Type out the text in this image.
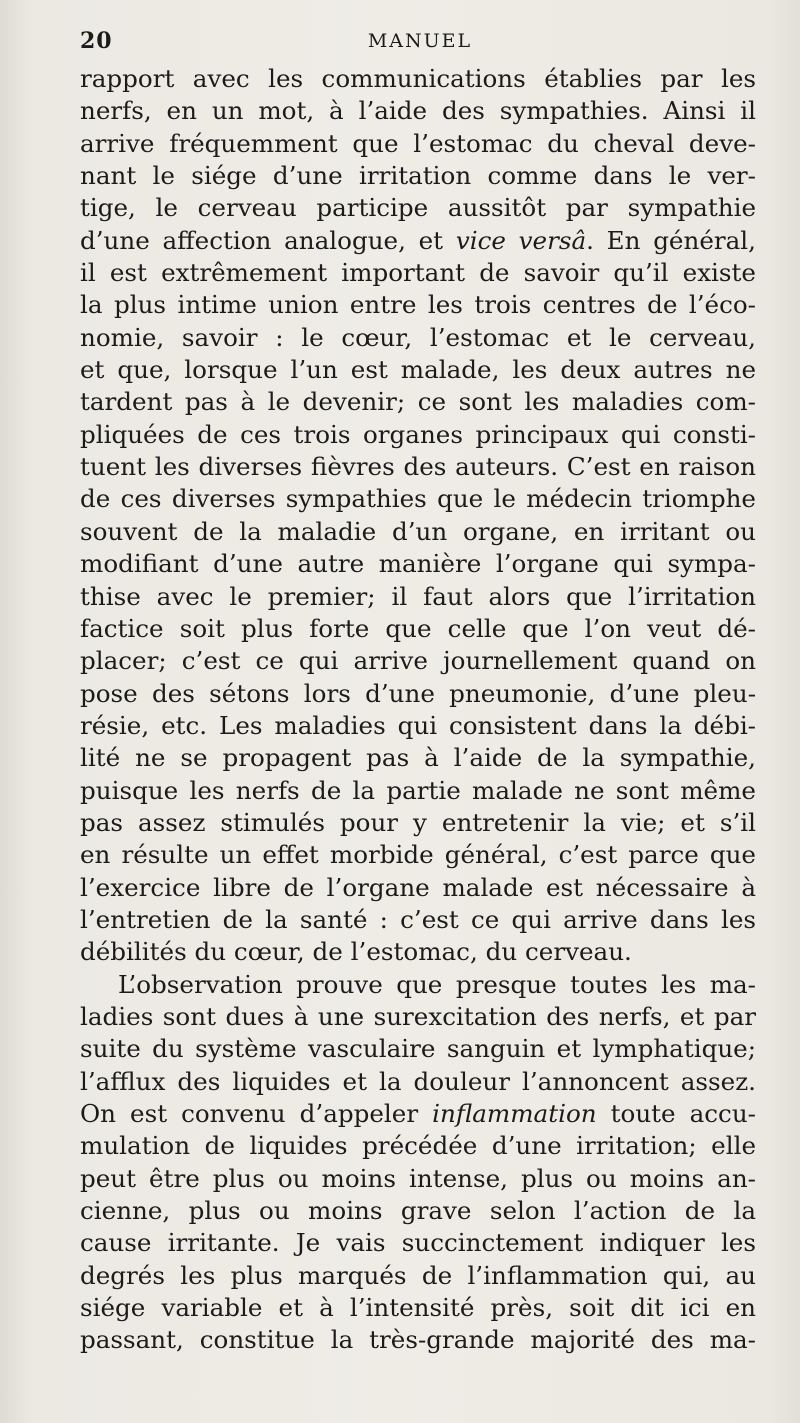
20	MANUEL
rapport avec les communications établies par les
nerfs, en un mot, à l’aide des sympathies. Ainsi il
arrive fréquemment que l’estomac du cheval deve-
nant le siége d’une irritation comme dans le ver-
tige, le cerveau participe aussitôt par sympathie
d’une affection analogue, et vice versâ. En général,
il est extrêmement important de savoir qu’il existe
la plus intime union entre les trois centres de l’éco-
nomie, savoir : le cœur, l’estomac et le cerveau,
et que, lorsque l’un est malade, les deux autres ne
tardent pas à le devenir; ce sont les maladies com-
pliquées de ces trois organes principaux qui consti-
tuent les diverses fièvres des auteurs. C’est en raison
de ces diverses sympathies que le médecin triomphe
souvent de la maladie d’un organe, en irritant ou
modifiant d’une autre manière l’organe qui sympa-
thise avec le premier; il faut alors que l’irritation
factice soit plus forte que celle que l’on veut dé-
placer; c’est ce qui arrive journellement quand on
pose des sétons lors d’une pneumonie, d’une pleu-
résie, etc. Les maladies qui consistent dans la débi-
lité ne se propagent pas à l’aide de la sympathie,
puisque les nerfs de la partie malade ne sont même
pas assez stimulés pour y entretenir la vie; et s’il
en résulte un effet morbide général, c’est parce que
l’exercice libre de l’organe malade est nécessaire à
l’entretien de la santé : c’est ce qui arrive dans les
débilités du cœur, de l’estomac, du cerveau.
L’observation prouve que presque toutes les ma-
ladies sont dues à une surexcitation des nerfs, et par
suite du système vasculaire sanguin et lymphatique;
l’afflux des liquides et la douleur l’annoncent assez.
On est convenu d’appeler inflammation toute accu-
mulation de liquides précédée d’une irritation; elle
peut être plus ou moins intense, plus ou moins an-
cienne, plus ou moins grave selon l’action de la
cause irritante. Je vais succinctement indiquer les
degrés les plus marqués de l’inflammation qui, au
siége variable et à l’intensité près, soit dit ici en
passant, constitue la très-grande majorité des ma-
